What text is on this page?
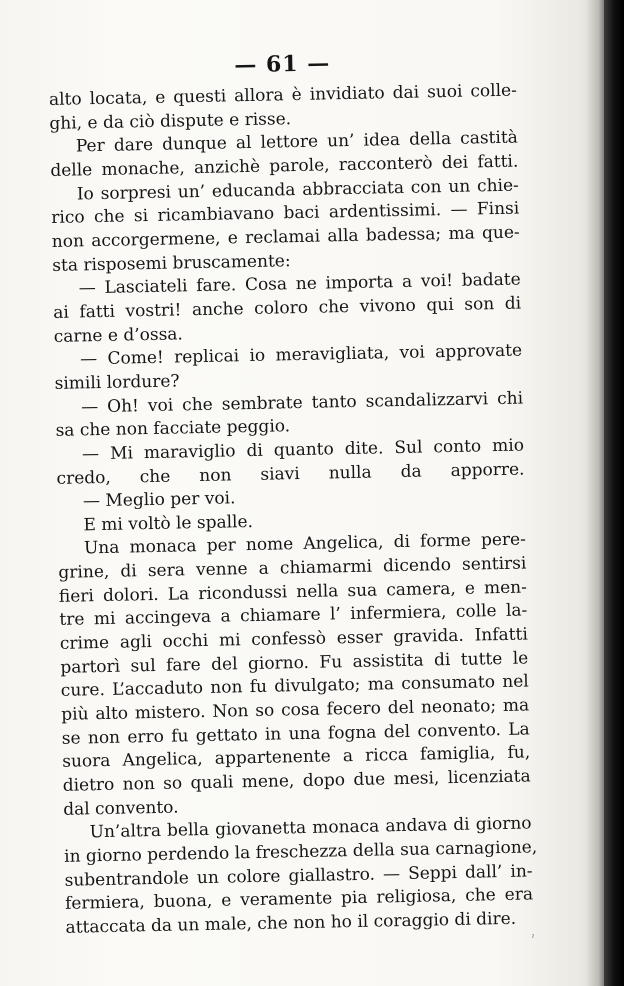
— 61 —
alto locata, e questi allora è invidiato dai suoi colle-
ghi, e da ciò dispute e risse.
Per dare dunque al lettore un’ idea della castità
delle monache, anzichè parole, racconterò dei fatti.
Io sorpresi un’ educanda abbracciata con un chie-
rico che si ricambiavano baci ardentissimi. — Finsi
non accorgermene, e reclamai alla badessa; ma que-
sta risposemi bruscamente:
— Lasciateli fare. Cosa ne importa a voi! badate
ai fatti vostri! anche coloro che vivono qui son di
carne e d’ossa.
— Come! replicai io meravigliata, voi approvate
simili lordure?
— Oh! voi che sembrate tanto scandalizzarvi chi
sa che non facciate peggio.
— Mi maraviglio di quanto dite. Sul conto mio
credo, che non siavi nulla da apporre.
— Meglio per voi.
E mi voltò le spalle.
Una monaca per nome Angelica, di forme pere-
grine, di sera venne a chiamarmi dicendo sentirsi
fieri dolori. La ricondussi nella sua camera, e men-
tre mi accingeva a chiamare l’ infermiera, colle la-
crime agli occhi mi confessò esser gravida. Infatti
partorì sul fare del giorno. Fu assistita di tutte le
cure. L’accaduto non fu divulgato; ma consumato nel
più alto mistero. Non so cosa fecero del neonato; ma
se non erro fu gettato in una fogna del convento. La
suora Angelica, appartenente a ricca famiglia, fu,
dietro non so quali mene, dopo due mesi, licenziata
dal convento.
Un’altra bella giovanetta monaca andava di giorno
in giorno perdendo la freschezza della sua carnagione,
subentrandole un colore giallastro. — Seppi dall’ in-
fermiera, buona, e veramente pia religiosa, che era
attaccata da un male, che non ho il coraggio di dire.
ˀ
